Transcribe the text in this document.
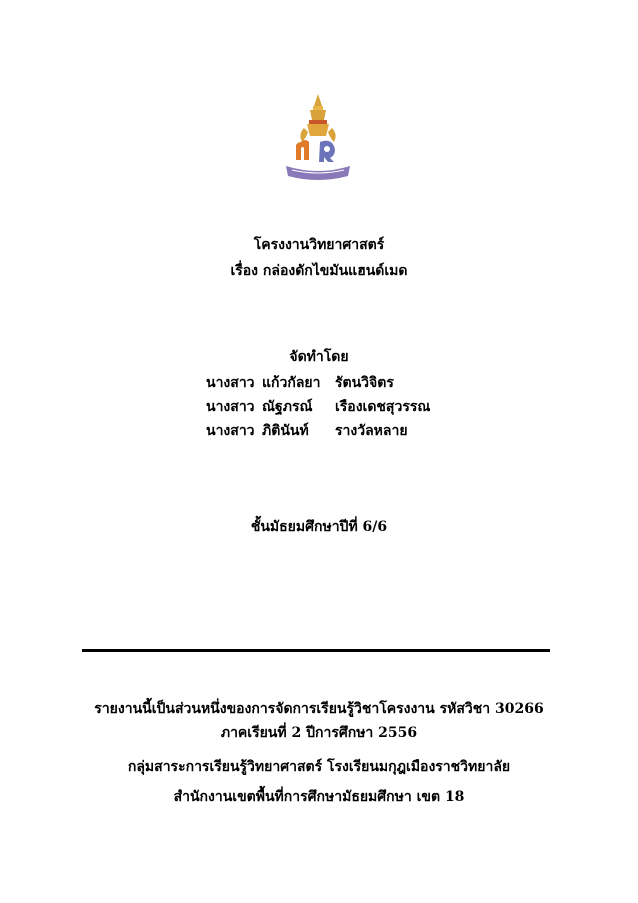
โครงงานวิทยาศาสตร์
เรื่อง กล่องดักไขมันแฮนด์เมด
จัดทำโดย
นางสาว แก้วกัลยา รัตนวิจิตร
นางสาว ณัฐภรณ์ เรืองเดชสุวรรณ
นางสาว ภิตินันท์ รางวัลหลาย
ชั้นมัธยมศึกษาปีที่ 6/6
รายงานนี้เป็นส่วนหนึ่งของการจัดการเรียนรู้วิชาโครงงาน รหัสวิชา 30266
ภาคเรียนที่ 2 ปีการศึกษา 2556
กลุ่มสาระการเรียนรู้วิทยาศาสตร์ โรงเรียนมกุฎเมืองราชวิทยาลัย
สำนักงานเขตพื้นที่การศึกษามัธยมศึกษา เขต 18
